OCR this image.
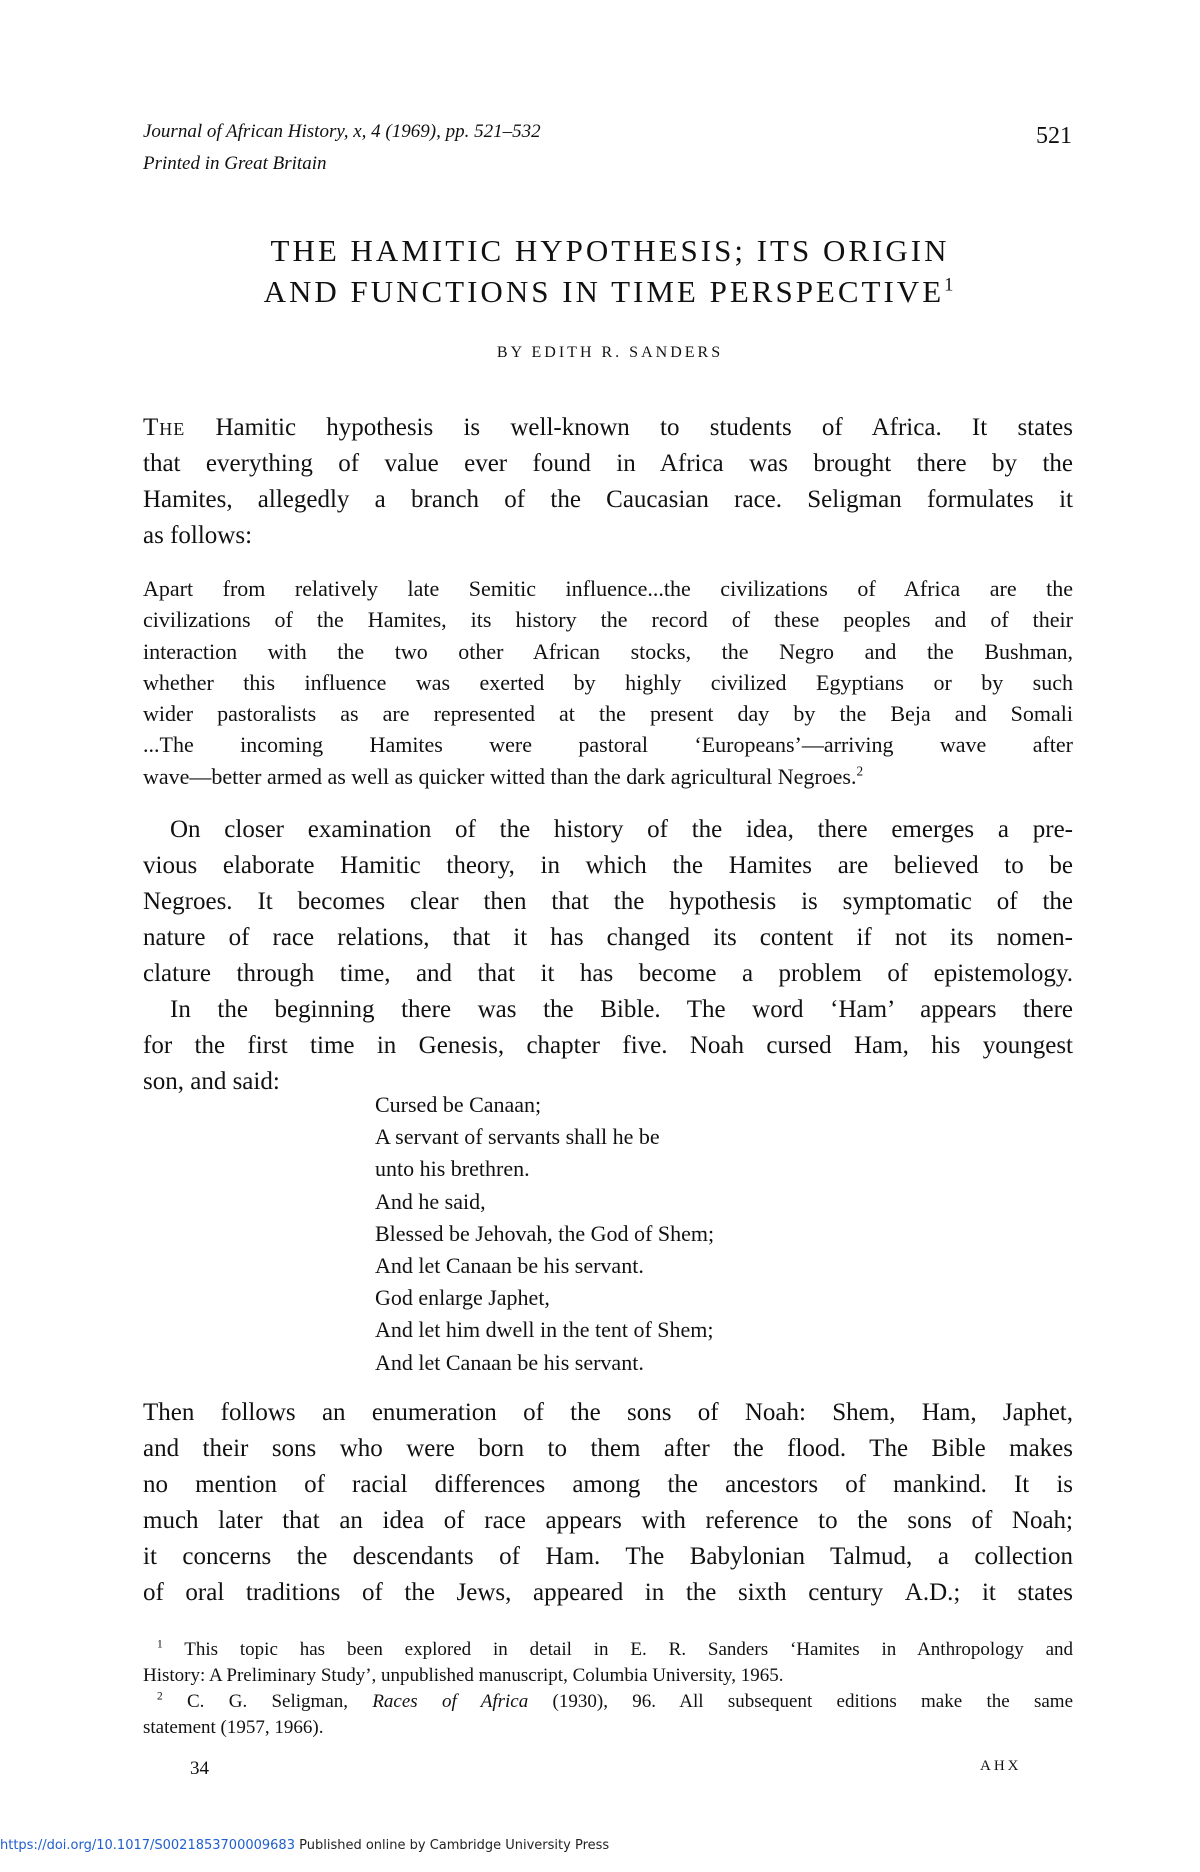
Journal of African History, x, 4 (1969), pp. 521–532
Printed in Great Britain
521
THE HAMITIC HYPOTHESIS; ITS ORIGIN
AND FUNCTIONS IN TIME PERSPECTIVE$^1$
BY EDITH R. SANDERS
The Hamitic hypothesis is well-known to students of Africa. It states
that everything of value ever found in Africa was brought there by the
Hamites, allegedly a branch of the Caucasian race. Seligman formulates it
as follows:
Apart from relatively late Semitic influence...the civilizations of Africa are the
civilizations of the Hamites, its history the record of these peoples and of their
interaction with the two other African stocks, the Negro and the Bushman,
whether this influence was exerted by highly civilized Egyptians or by such
wider pastoralists as are represented at the present day by the Beja and Somali
...The incoming Hamites were pastoral ‘Europeans’—arriving wave after
wave—better armed as well as quicker witted than the dark agricultural Negroes.$^2$
On closer examination of the history of the idea, there emerges a pre-
vious elaborate Hamitic theory, in which the Hamites are believed to be
Negroes. It becomes clear then that the hypothesis is symptomatic of the
nature of race relations, that it has changed its content if not its nomen-
clature through time, and that it has become a problem of epistemology.
In the beginning there was the Bible. The word ‘Ham’ appears there
for the first time in Genesis, chapter five. Noah cursed Ham, his youngest
son, and said:
Cursed be Canaan;
A servant of servants shall he be
unto his brethren.
And he said,
Blessed be Jehovah, the God of Shem;
And let Canaan be his servant.
God enlarge Japhet,
And let him dwell in the tent of Shem;
And let Canaan be his servant.
Then follows an enumeration of the sons of Noah: Shem, Ham, Japhet,
and their sons who were born to them after the flood. The Bible makes
no mention of racial differences among the ancestors of mankind. It is
much later that an idea of race appears with reference to the sons of Noah;
it concerns the descendants of Ham. The Babylonian Talmud, a collection
of oral traditions of the Jews, appeared in the sixth century A.D.; it states
$^1$ This topic has been explored in detail in E. R. Sanders ‘Hamites in Anthropology and
History: A Preliminary Study’, unpublished manuscript, Columbia University, 1965.
$^2$ C. G. Seligman, Races of Africa (1930), 96. All subsequent editions make the same
statement (1957, 1966).
34	AHX
https://doi.org/10.1017/S0021853700009683 Published online by Cambridge University Press
